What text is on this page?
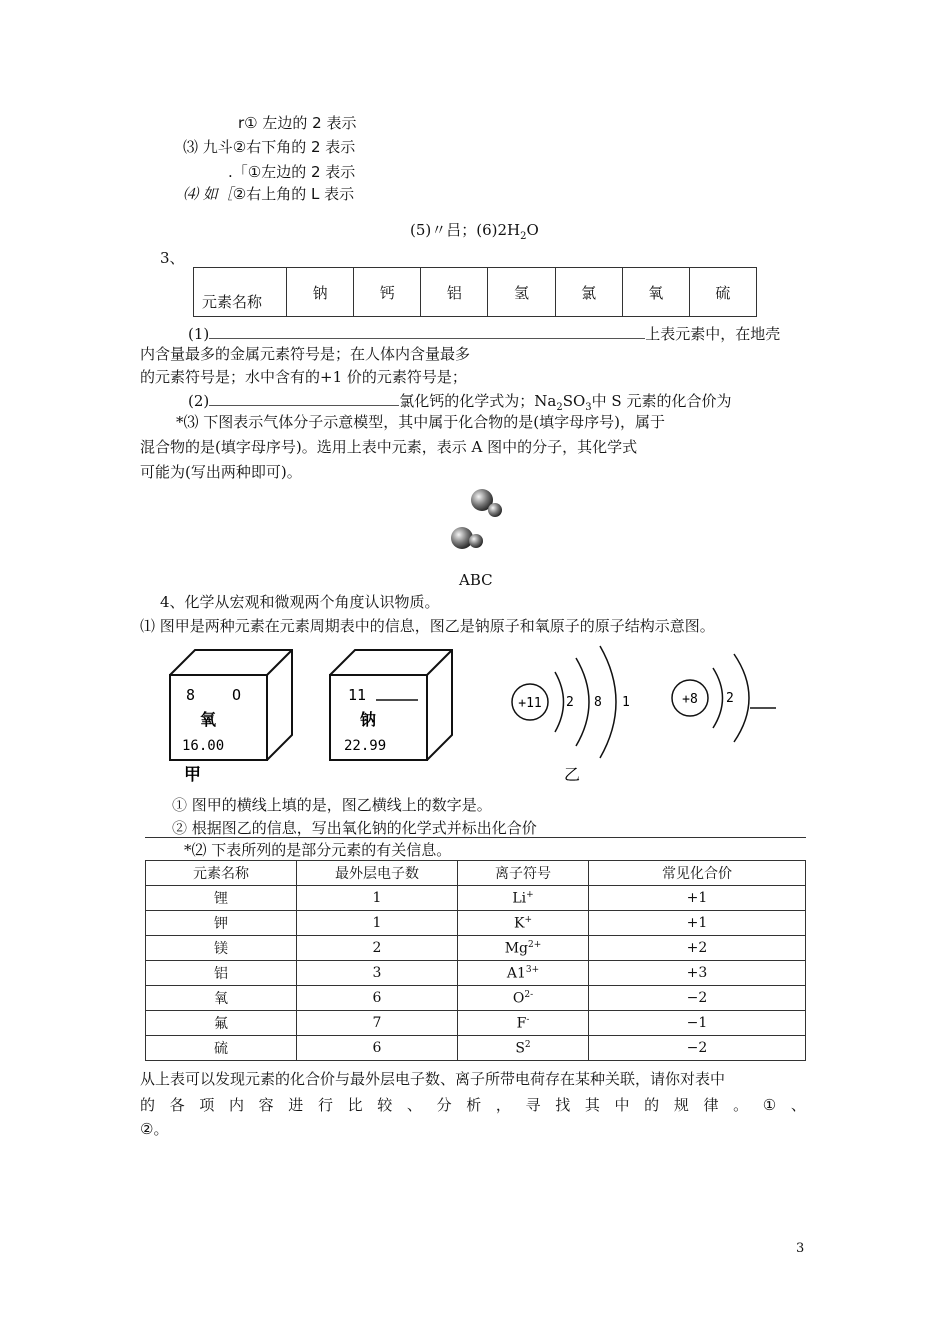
r① 左边的 2 表示
⑶ 九斗②右下角的 2 表示
.「①左边的 2 表示
⑷ 如［②右上角的 L 表示
(5)〃吕；$(6)2H_2O$
3、
元素名称	钠	钙	铝	氢	氯	氧	硫
(1)	上表元素中，在地壳
内含量最多的金属元素符号是；在人体内含量最多
的元素符号是；水中含有的+1 价的元素符号是；
(2)	氯化钙的化学式为；$Na_2SO_3$中 S 元素的化合价为
*⑶ 下图表示气体分子示意模型，其中属于化合物的是(填字母序号)，属于
混合物的是(填字母序号)。选用上表中元素，表示 A 图中的分子，其化学式
可能为(写出两种即可)。
ABC
4、化学从宏观和微观两个角度认识物质。
⑴ 图甲是两种元素在元素周期表中的信息，图乙是钠原子和氧原子的原子结构示意图。
8 O
氧
16.00
11
钠
22.99
甲
+11 2 8 1	+8 2
乙
① 图甲的横线上填的是，图乙横线上的数字是。
② 根据图乙的信息，写出氧化钠的化学式并标出化合价
*⑵ 下表所列的是部分元素的有关信息。
元素名称	最外层电子数	离子符号	常见化合价
锂	1	Li+	+1
钾	1	K+	+1
镁	2	$Mg^{2+}$	+2
铝	3	$A1^{3+}$	+3
氧	6	$O^{2-}$	−2
氟	7	F-	−1
硫	6	$S^2$	−2
从上表可以发现元素的化合价与最外层电子数、离子所带电荷存在某种关联，请你对表中
的 各 项 内 容 进 行 比 较 、 分 析 ， 寻 找 其 中 的 规 律 。 ① 、
②。
3
